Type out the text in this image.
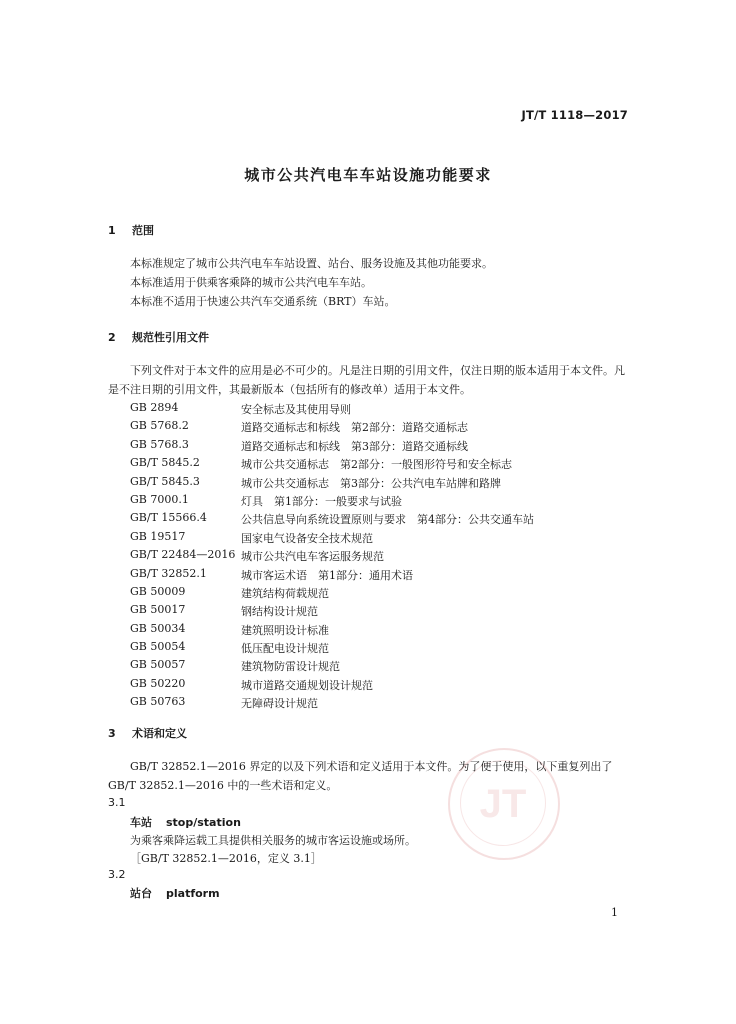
JT/T 1118—2017
城市公共汽电车车站设施功能要求
1 范围
本标准规定了城市公共汽电车车站设置、站台、服务设施及其他功能要求。
本标准适用于供乘客乘降的城市公共汽电车车站。
本标准不适用于快速公共汽车交通系统（BRT）车站。
2 规范性引用文件
下列文件对于本文件的应用是必不可少的。凡是注日期的引用文件，仅注日期的版本适用于本文件。凡是不注日期的引用文件，其最新版本（包括所有的修改单）适用于本文件。
GB 2894	安全标志及其使用导则
GB 5768.2	道路交通标志和标线　第2部分：道路交通标志
GB 5768.3	道路交通标志和标线　第3部分：道路交通标线
GB/T 5845.2	城市公共交通标志　第2部分：一般图形符号和安全标志
GB/T 5845.3	城市公共交通标志　第3部分：公共汽电车站牌和路牌
GB 7000.1	灯具　第1部分：一般要求与试验
GB/T 15566.4	公共信息导向系统设置原则与要求　第4部分：公共交通车站
GB 19517	国家电气设备安全技术规范
GB/T 22484—2016 城市公共汽电车客运服务规范
GB/T 32852.1	城市客运术语　第1部分：通用术语
GB 50009	建筑结构荷载规范
GB 50017	钢结构设计规范
GB 50034	建筑照明设计标准
GB 50054	低压配电设计规范
GB 50057	建筑物防雷设计规范
GB 50220	城市道路交通规划设计规范
GB 50763	无障碍设计规范
3 术语和定义
JT
GB/T 32852.1—2016 界定的以及下列术语和定义适用于本文件。为了便于使用，以下重复列出了GB/T 32852.1—2016 中的一些术语和定义。
3.1
车站 stop/station
为乘客乘降运载工具提供相关服务的城市客运设施或场所。
［GB/T 32852.1—2016，定义 3.1］
3.2
站台 platform
1
